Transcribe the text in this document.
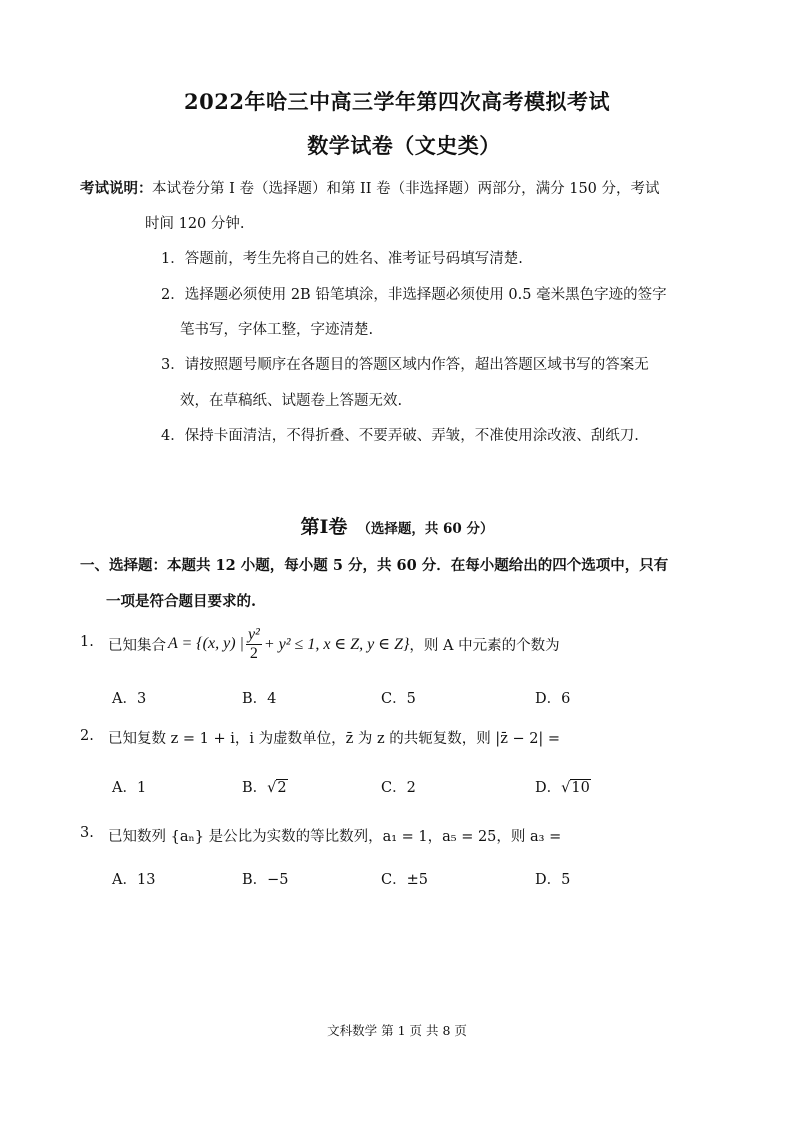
2022年哈三中高三学年第四次高考模拟考试
数学试卷（文史类）
考试说明： 本试卷分第 I 卷（选择题）和第 II 卷（非选择题）两部分，满分 150 分，考试
时间 120 分钟.
1．答题前，考生先将自己的姓名、准考证号码填写清楚.
2．选择题必须使用 2B 铅笔填涂，非选择题必须使用 0.5 毫米黑色字迹的签字
笔书写，字体工整，字迹清楚.
3．请按照题号顺序在各题目的答题区域内作答，超出答题区域书写的答案无
效，在草稿纸、试题卷上答题无效.
4．保持卡面清洁，不得折叠、不要弄破、弄皱，不准使用涂改液、刮纸刀.
第Ⅰ卷 （选择题，共 60 分）
一、选择题：本题共 12 小题，每小题 5 分，共 60 分．在每小题给出的四个选项中，只有
一项是符合题目要求的.
1. 已知集合 A = {(x, y) | $\frac{\text{y²}}{2} + y^2 \le 1$, x ∈ Z, y ∈ Z} ，则 A 中元素的个数为
A．3	B．4	C．5	D．6
2. 已知复数 z = 1 + i，i 为虚数单位，z̄ 为 z 的共轭复数，则 |z̄ − 2| =
A．1	B．√2	C．2	D．√10
3. 已知数列 {aₙ} 是公比为实数的等比数列，a₁ = 1，a₅ = 25，则 a₃ =
A．13	B．−5	C．±5	D．5
文科数学 第 1 页 共 8 页
